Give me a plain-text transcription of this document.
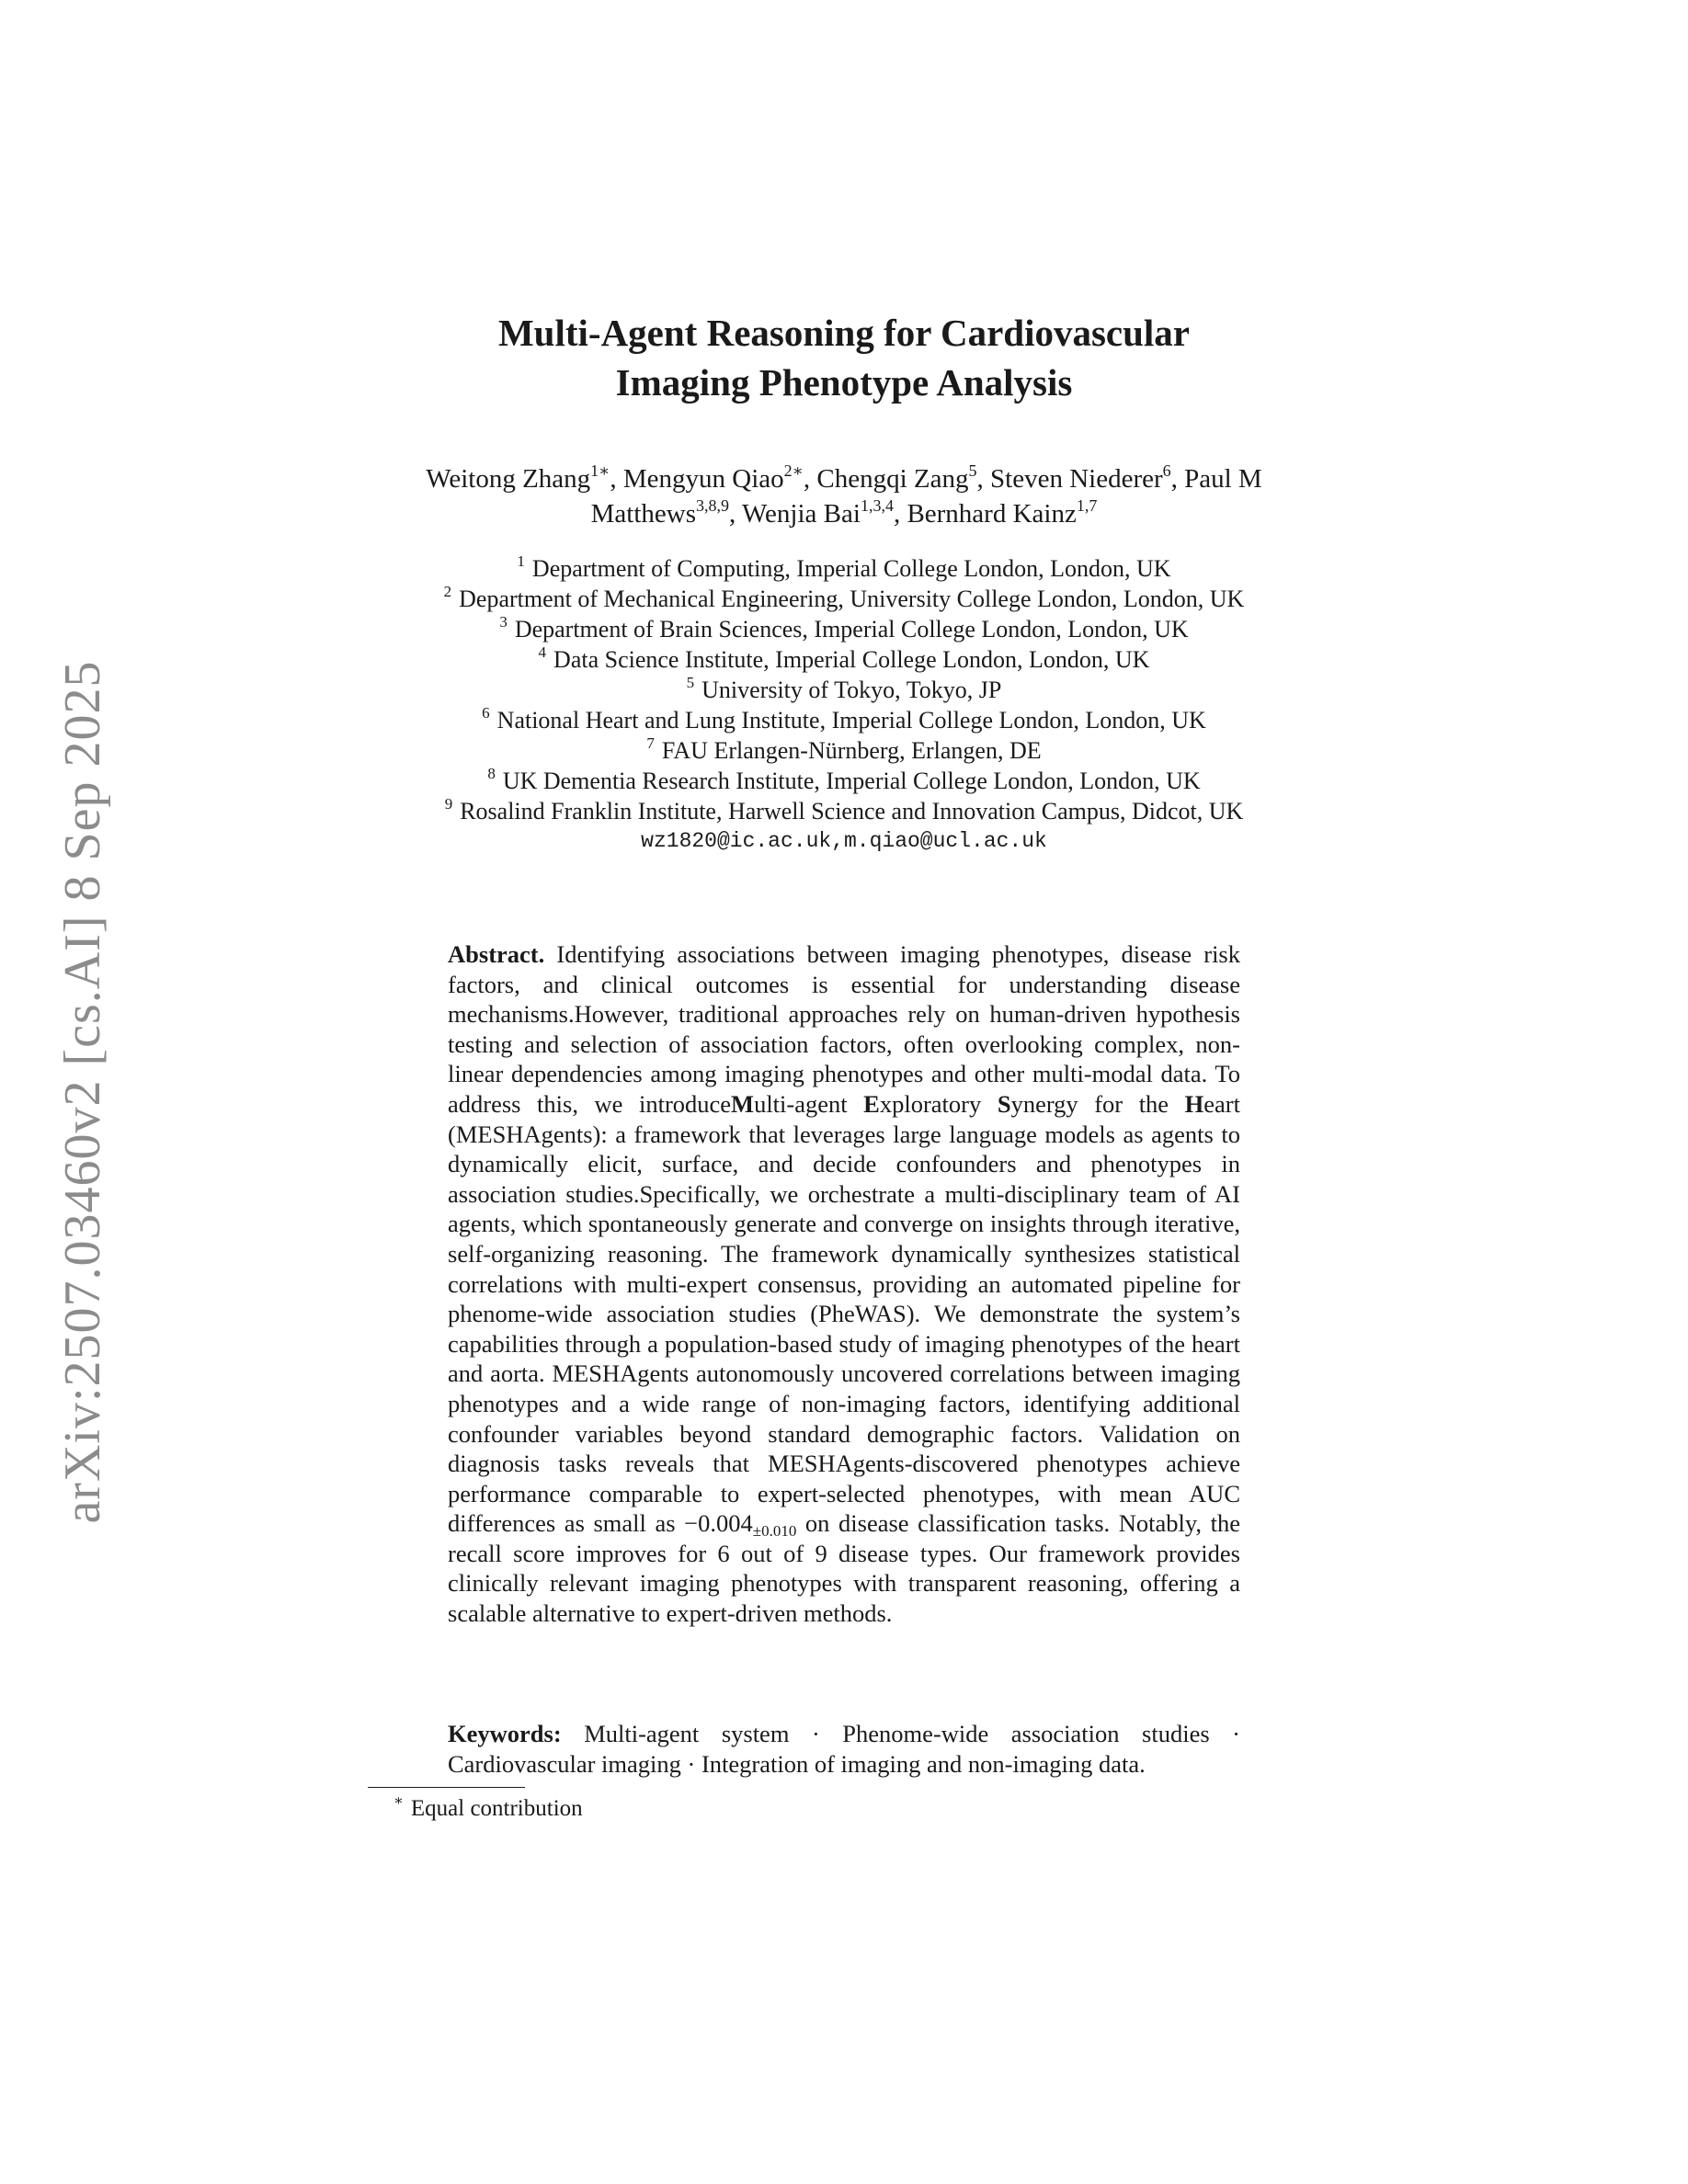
arXiv:2507.03460v2 [cs.AI] 8 Sep 2025
Multi-Agent Reasoning for Cardiovascular
Imaging Phenotype Analysis
Weitong Zhang$^{1∗}$, Mengyun Qiao$^{2∗}$, Chengqi Zang$^5$, Steven Niederer$^6$, Paul M
Matthews$^{3,8,9}$, Wenjia Bai$^{1,3,4}$, Bernhard Kainz$^{1,7}$
$^1$ Department of Computing, Imperial College London, London, UK
$^2$ Department of Mechanical Engineering, University College London, London, UK
$^3$ Department of Brain Sciences, Imperial College London, London, UK
$^4$ Data Science Institute, Imperial College London, London, UK
$^5$ University of Tokyo, Tokyo, JP
$^6$ National Heart and Lung Institute, Imperial College London, London, UK
$^7$ FAU Erlangen-Nürnberg, Erlangen, DE
$^8$ UK Dementia Research Institute, Imperial College London, London, UK
$^9$ Rosalind Franklin Institute, Harwell Science and Innovation Campus, Didcot, UK
wz1820@ic.ac.uk,m.qiao@ucl.ac.uk

Abstract. Identifying associations between imaging phenotypes, disease risk factors, and clinical outcomes is essential for understanding disease mechanisms.However, traditional approaches rely on human-driven hypothesis testing and selection of association factors, often overlooking complex, non-linear dependencies among imaging phenotypes and other multi-modal data. To address this, we introduceMulti-agent Exploratory Synergy for the Heart (MESHAgents): a framework that leverages large language models as agents to dynamically elicit, surface, and decide confounders and phenotypes in association studies.Specifically, we orchestrate a multi-disciplinary team of AI agents, which spontaneously generate and converge on insights through iterative, self-organizing reasoning. The framework dynamically synthesizes statistical correlations with multi-expert consensus, providing an automated pipeline for phenome-wide association studies (PheWAS). We demonstrate the system’s capabilities through a population-based study of imaging phenotypes of the heart and aorta. MESHAgents autonomously uncovered correlations between imaging phenotypes and a wide range of non-imaging factors, identifying additional confounder variables beyond standard demographic factors. Validation on diagnosis tasks reveals that MESHAgents-discovered phenotypes achieve performance comparable to expert-selected phenotypes, with mean AUC differences as small as $-0.004_{\pm 0.010}$ on disease classification tasks. Notably, the recall score improves for 6 out of 9 disease types. Our framework provides clinically relevant imaging phenotypes with transparent reasoning, offering a scalable alternative to expert-driven methods.

Keywords: Multi-agent system · Phenome-wide association studies · Cardiovascular imaging · Integration of imaging and non-imaging data.
∗ Equal contribution
